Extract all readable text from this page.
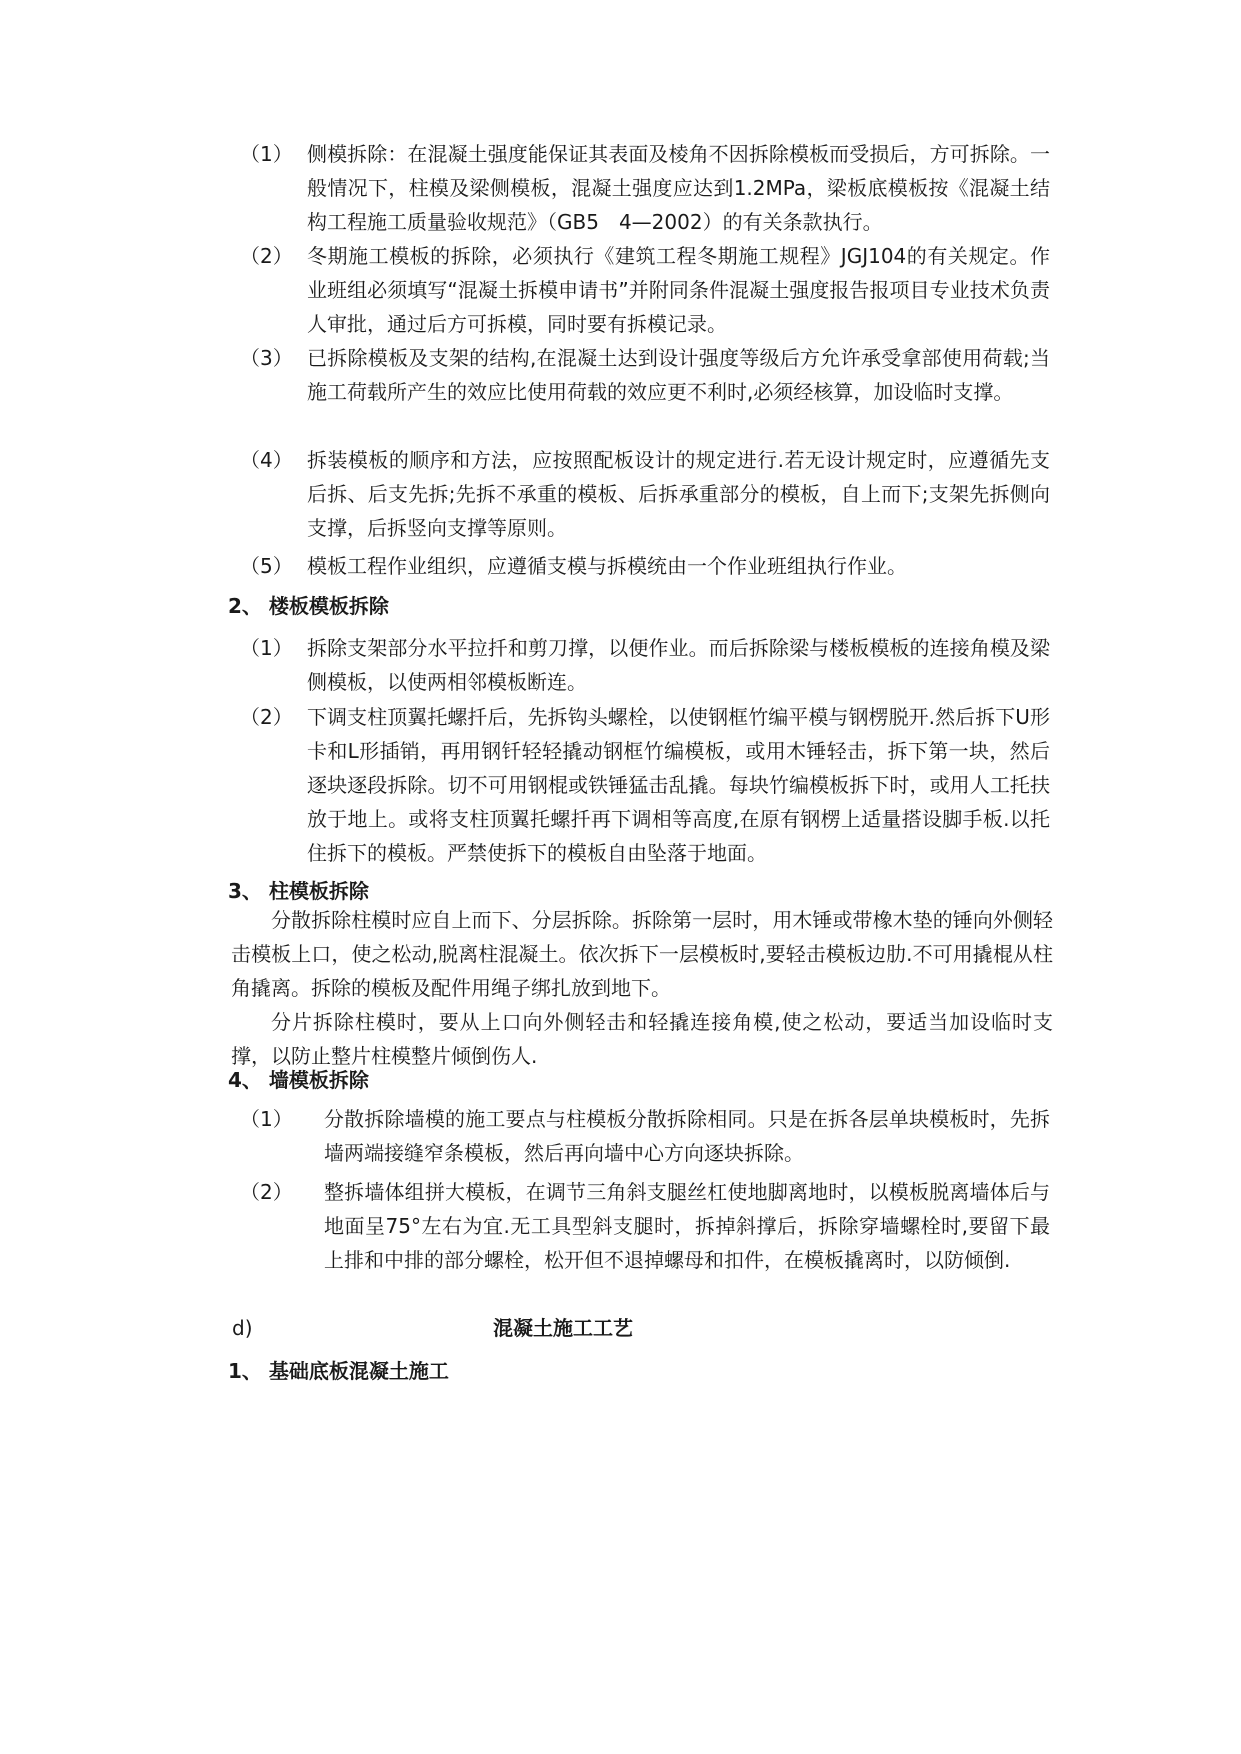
（1） 侧模拆除：在混凝土强度能保证其表面及棱角不因拆除模板而受损后，方可拆除。一般情况下，柱模及梁侧模板，混凝土强度应达到1.2MPa，梁板底模板按《混凝土结构工程施工质量验收规范》（GB5　4—2002）的有关条款执行。
（2） 冬期施工模板的拆除，必须执行《建筑工程冬期施工规程》JGJ104的有关规定。作业班组必须填写“混凝土拆模申请书”并附同条件混凝土强度报告报项目专业技术负责人审批，通过后方可拆模，同时要有拆模记录。
（3） 已拆除模板及支架的结构,在混凝土达到设计强度等级后方允许承受拿部使用荷载;当施工荷载所产生的效应比使用荷载的效应更不利时,必须经核算，加设临时支撑。
（4） 拆装模板的顺序和方法，应按照配板设计的规定进行.若无设计规定时，应遵循先支后拆、后支先拆;先拆不承重的模板、后拆承重部分的模板，自上而下;支架先拆侧向支撑，后拆竖向支撑等原则。
（5） 模板工程作业组织，应遵循支模与拆模统由一个作业班组执行作业。
2、 楼板模板拆除
（1） 拆除支架部分水平拉扦和剪刀撑，以便作业。而后拆除梁与楼板模板的连接角模及梁侧模板，以使两相邻模板断连。
（2） 下调支柱顶翼托螺扦后，先拆钩头螺栓，以使钢框竹编平模与钢楞脱开.然后拆下U形卡和L形插销，再用钢钎轻轻撬动钢框竹编模板，或用木锤轻击，拆下第一块，然后逐块逐段拆除。切不可用钢棍或铁锤猛击乱撬。每块竹编模板拆下时，或用人工托扶放于地上。或将支柱顶翼托螺扦再下调相等高度,在原有钢楞上适量搭设脚手板.以托住拆下的模板。严禁使拆下的模板自由坠落于地面。
3、 柱模板拆除
分散拆除柱模时应自上而下、分层拆除。拆除第一层时，用木锤或带橡木垫的锤向外侧轻击模板上口，使之松动,脱离柱混凝土。依次拆下一层模板时,要轻击模板边肋.不可用撬棍从柱角撬离。拆除的模板及配件用绳子绑扎放到地下。
分片拆除柱模时，要从上口向外侧轻击和轻撬连接角模,使之松动，要适当加设临时支撑，以防止整片柱模整片倾倒伤人.
4、 墙模板拆除
（1） 分散拆除墙模的施工要点与柱模板分散拆除相同。只是在拆各层单块模板时，先拆墙两端接缝窄条模板，然后再向墙中心方向逐块拆除。
（2） 整拆墙体组拼大模板，在调节三角斜支腿丝杠使地脚离地时，以模板脱离墙体后与地面呈75°左右为宜.无工具型斜支腿时，拆掉斜撑后，拆除穿墙螺栓时,要留下最上排和中排的部分螺栓，松开但不退掉螺母和扣件，在模板撬离时，以防倾倒.
d)	混凝土施工工艺
1、 基础底板混凝土施工
